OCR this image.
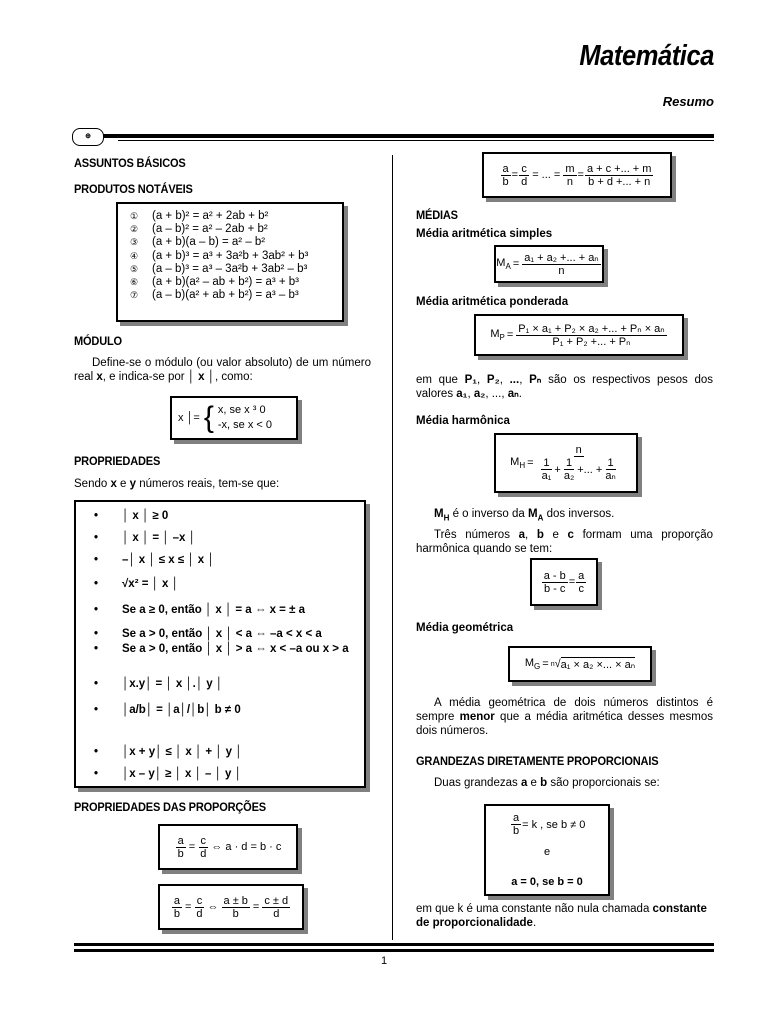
Matemática
Resumo
⊕
ASSUNTOS BÁSICOS
PRODUTOS NOTÁVEIS
①	(a + b)² = a² + 2ab + b²
②	(a – b)² = a² – 2ab + b²
③	(a + b)(a – b) = a² – b²
④	(a + b)³ = a³ + 3a²b + 3ab² + b³
⑤	(a – b)³ = a³ – 3a²b + 3ab² – b³
⑥	(a + b)(a² – ab + b²) = a³ + b³
⑦	(a – b)(a² + ab + b²) = a³ – b³
MÓDULO
Define-se o módulo (ou valor absoluto) de um número real x, e indica-se por │ x │, como:
x │= { x, se x ³ 0
-x, se x < 0
PROPRIEDADES
Sendo x e y números reais, tem-se que:
• │ x │ ≥ 0
• │ x │ = │ –x │
• –│ x │ ≤ x ≤ │ x │
• √x² = │ x │
• Se a ≥ 0, então │ x │ = a ⇔ x = ± a
• Se a > 0, então │ x │ < a ⇔ –a < x < a
• Se a > 0, então │ x │ > a ⇔ x < –a ou x > a
• │x.y│ = │ x │.│ y │
• │a/b│ = │a│/│b│ b ≠ 0
• │x + y│ ≤ │ x │ + │ y │
• │x – y│ ≥ │ x │ – │ y │
PROPRIEDADES DAS PROPORÇÕES
$\frac{a}{b} = \frac{c}{d}$ ⇔ a · d = b · c
$\frac{a}{b} = \frac{c}{d}$ ⇔ $\frac{a \pm b}{b} = \frac{c \pm d}{d}$
$\frac{a}{b} = \frac{c}{d}$ = ... = $\frac{m}{n} = \frac{a + c +... + m}{b + d +... + n}$
MÉDIAS
Média aritmética simples
$M_A = \frac{\text{a₁ + a₂ +... + aₙ}}{n}$
Média aritmética ponderada
$M_P = \frac{\text{P₁ × a₁ + P₂ × a₂ +... + Pₙ × aₙ}}{\text{P₁ + P₂ +... + Pₙ}}$
em que P₁, P₂, ..., Pₙ são os respectivos pesos dos valores a₁, a₂, ..., aₙ.
Média harmônica
$M_H = \frac{n}{\frac{1}{\text{a₁}} + \frac{1}{\text{a₂}} +... + \frac{1}{\text{aₙ}}}$
$M_H$ é o inverso da $M_A$ dos inversos.
Três números a, b e c formam uma proporção harmônica quando se tem:
$\frac{a - b}{b - c} = \frac{a}{c}$
Média geométrica
$M_G = n$ √ a₁ × a₂ ×... × aₙ
A média geométrica de dois números distintos é sempre menor que a média aritmética desses mesmos dois números.
GRANDEZAS DIRETAMENTE PROPORCIONAIS
Duas grandezas a e b são proporcionais se:
$\frac{a}{b} = k$ , se b ≠ 0
e
a = 0, se b = 0
em que k é uma constante não nula chamada constante de proporcionalidade.
1
